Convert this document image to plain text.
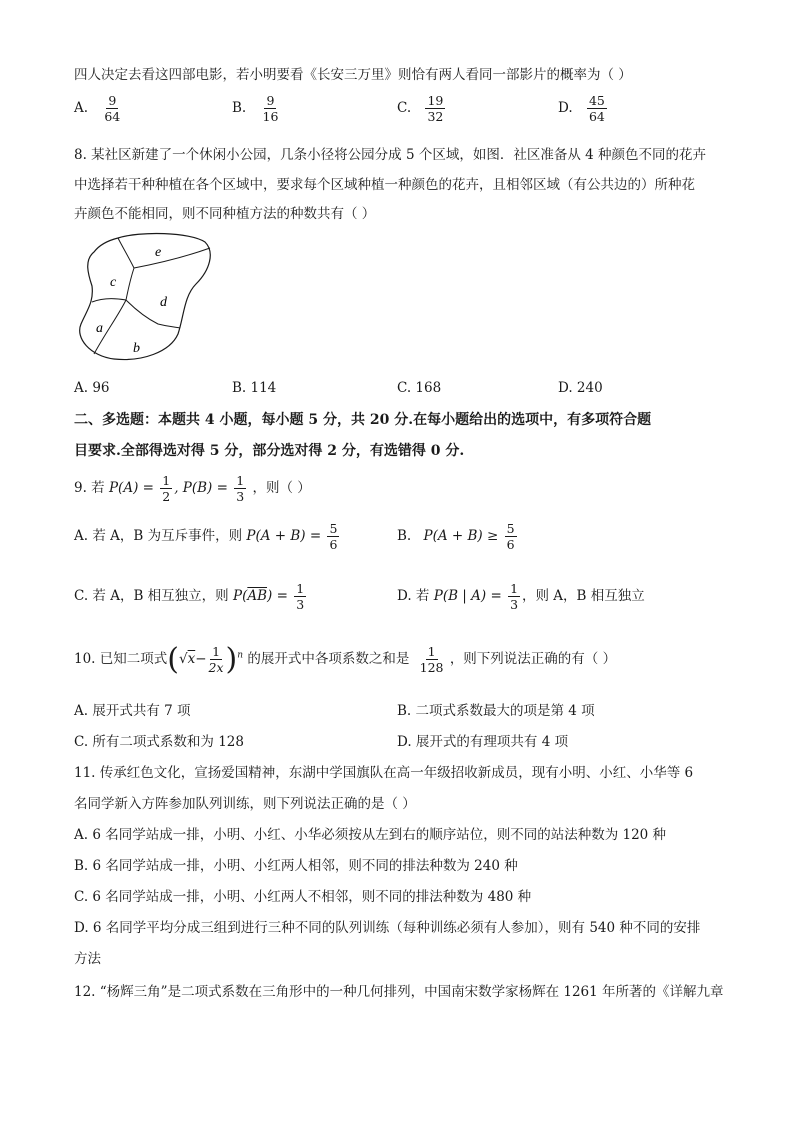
四人决定去看这四部电影，若小明要看《长安三万里》则恰有两人看同一部影片的概率为（ ）
A. $\frac{9}{64}$	B. $\frac{9}{16}$	C. $\frac{19}{32}$	D. $\frac{45}{64}$
8. 某社区新建了一个休闲小公园，几条小径将公园分成 5 个区域，如图．社区准备从 4 种颜色不同的花卉
中选择若干种种植在各个区域中，要求每个区域种植一种颜色的花卉，且相邻区域（有公共边的）所种花
卉颜色不能相同，则不同种植方法的种数共有（ ）
e
c
d
a
b
A. 96	B. 114	C. 168	D. 240
二、多选题：本题共 4 小题，每小题 5 分，共 20 分.在每小题给出的选项中，有多项符合题
目要求.全部得选对得 5 分，部分选对得 2 分，有选错得 0 分.
9. 若 $P(A) = \frac{1}{2}$ , $P(B) = \frac{1}{3}$ ，则（ ）
A. 若 A，B 为互斥事件，则 $P(A + B) = \frac{5}{6}$	B. $P(A + B) \ge \frac{5}{6}$
C. 若 A，B 相互独立，则 $P(\overline{AB}) = \frac{1}{3}$	D. 若 P(B | $A) = \frac{1}{3}$ ，则 A，B 相互独立
10. 已知二项式$(√x- \frac{1}{2x} )^n$ 的展开式中各项系数之和是 $\frac{1}{128}$ ，则下列说法正确的有（ ）
A. 展开式共有 7 项	B. 二项式系数最大的项是第 4 项
C. 所有二项式系数和为 128	D. 展开式的有理项共有 4 项
11. 传承红色文化，宣扬爱国精神，东湖中学国旗队在高一年级招收新成员，现有小明、小红、小华等 6
名同学新入方阵参加队列训练，则下列说法正确的是（ ）
A. 6 名同学站成一排，小明、小红、小华必须按从左到右的顺序站位，则不同的站法种数为 120 种
B. 6 名同学站成一排，小明、小红两人相邻，则不同的排法种数为 240 种
C. 6 名同学站成一排，小明、小红两人不相邻，则不同的排法种数为 480 种
D. 6 名同学平均分成三组到进行三种不同的队列训练（每种训练必须有人参加），则有 540 种不同的安排
方法
12. “杨辉三角”是二项式系数在三角形中的一种几何排列，中国南宋数学家杨辉在 1261 年所著的《详解九章
